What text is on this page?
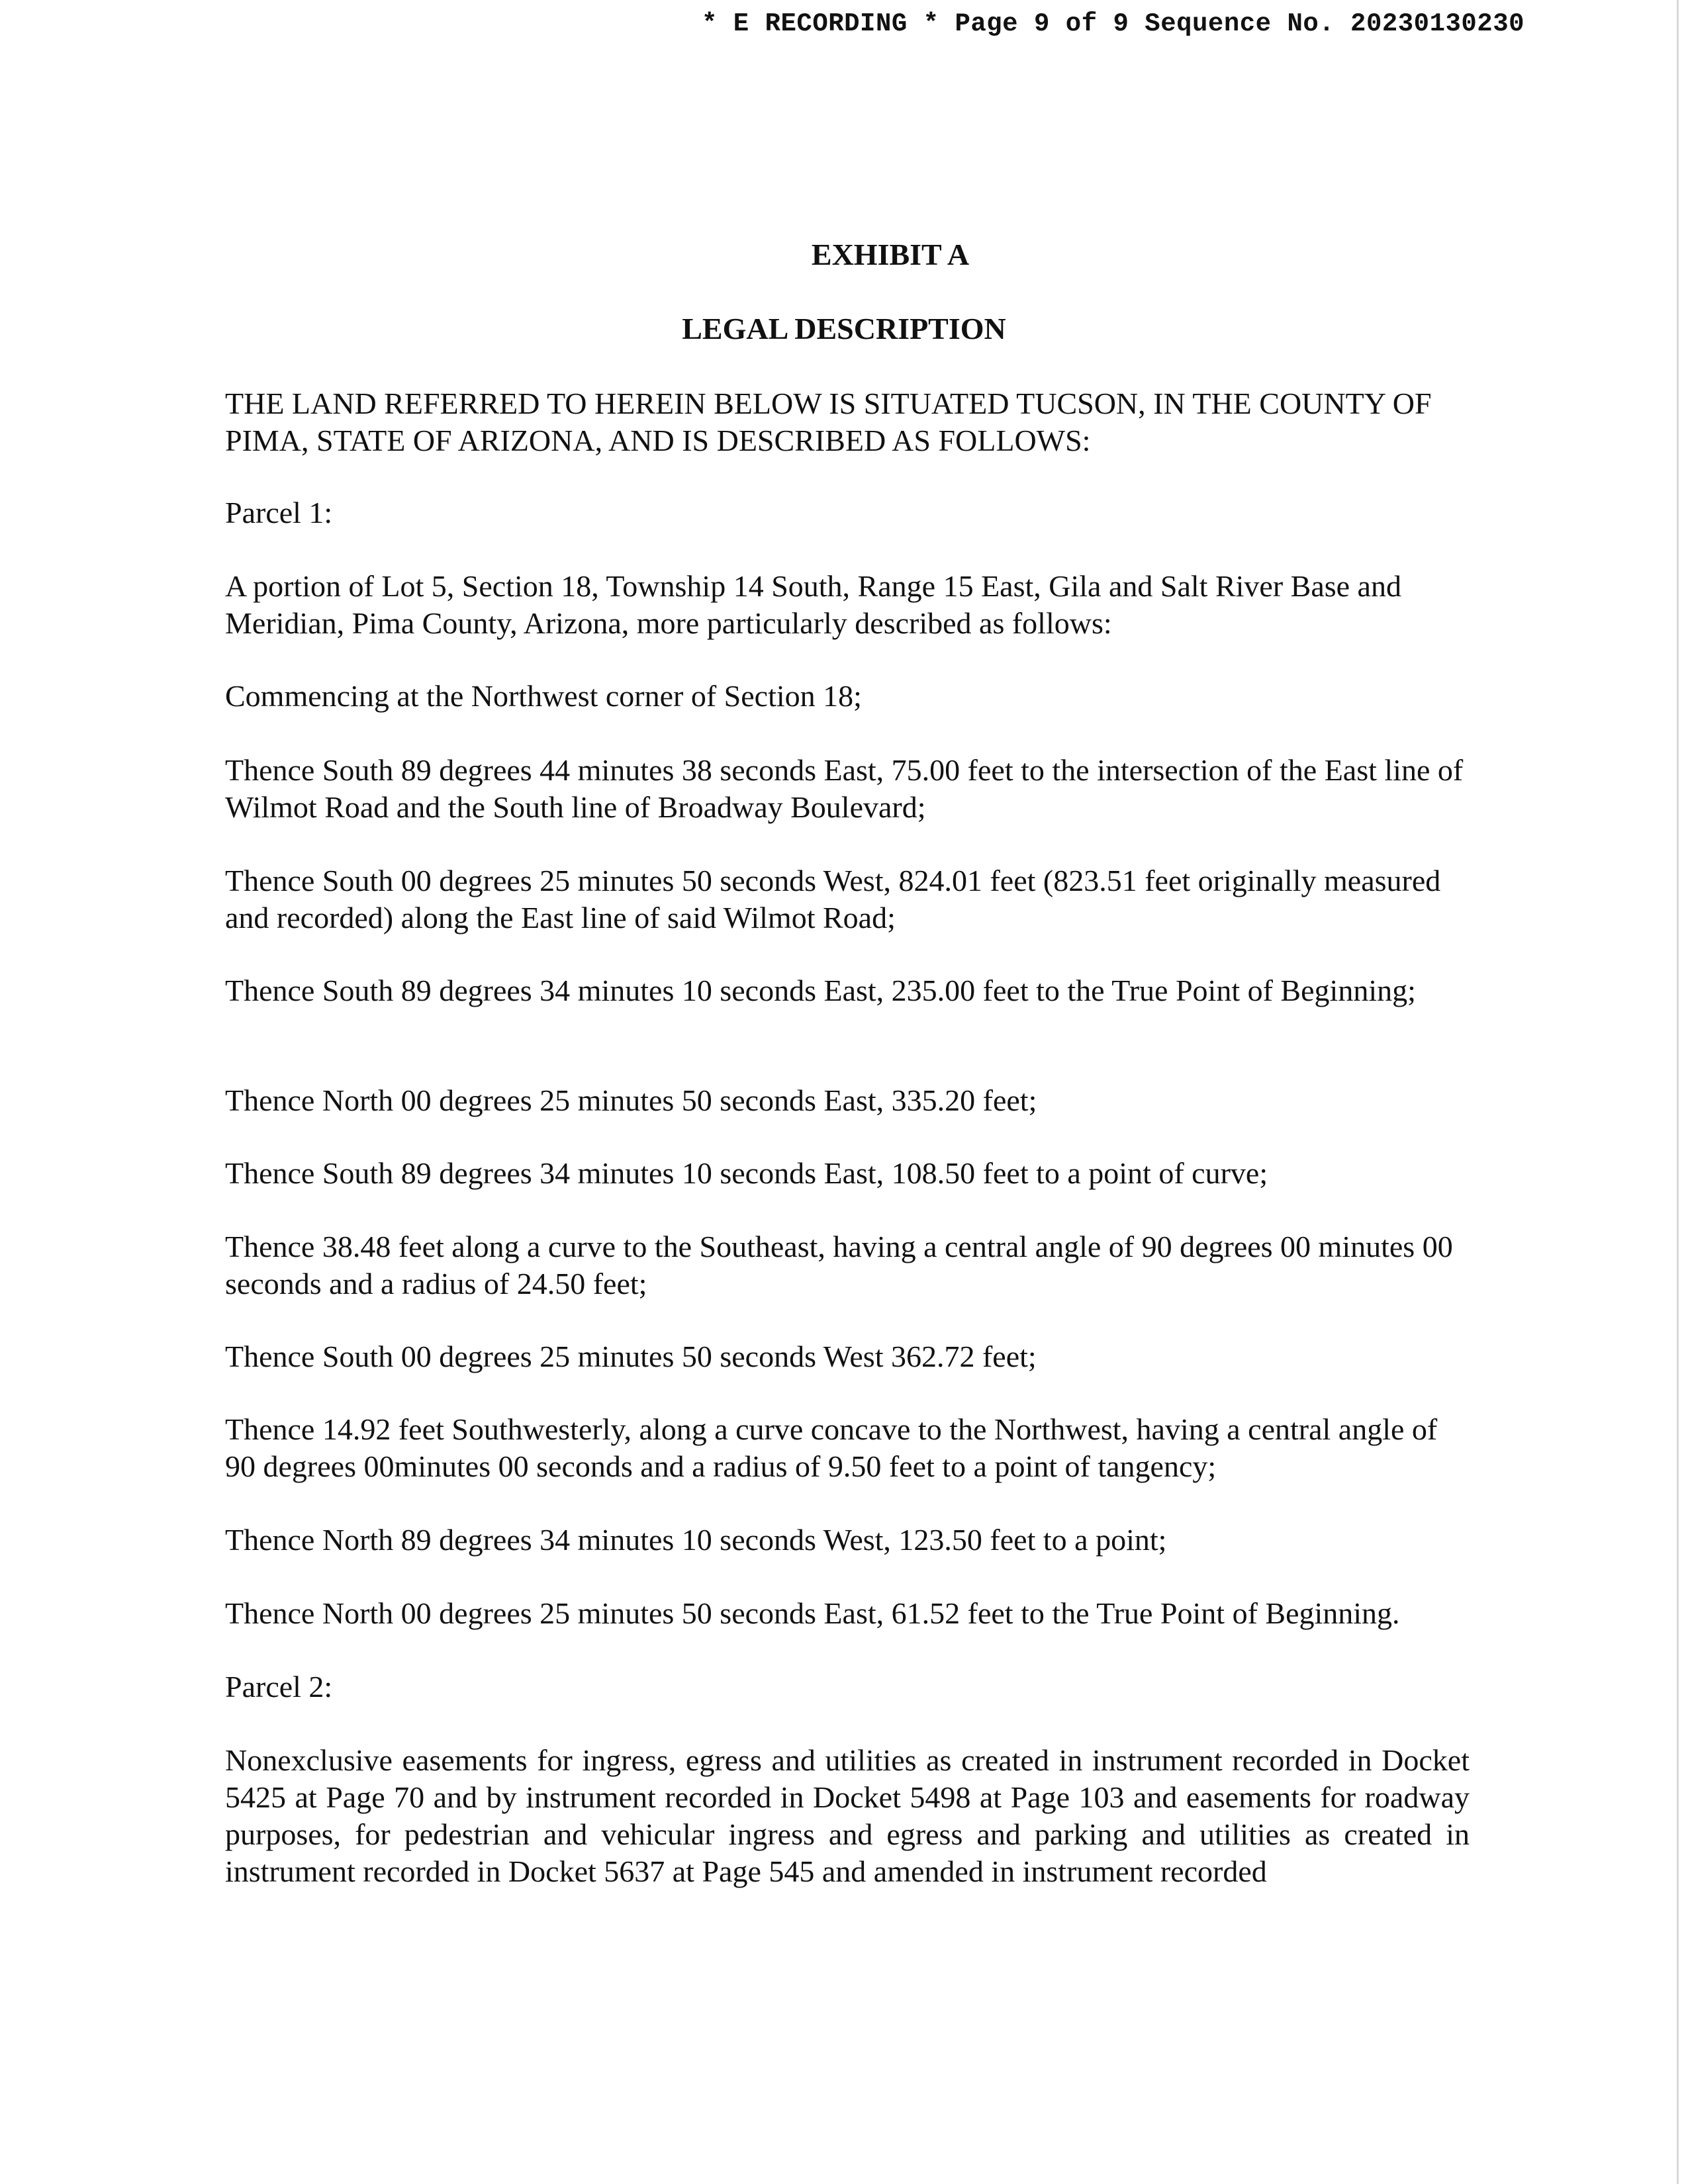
* E RECORDING * Page 9 of 9 Sequence No. 20230130230
EXHIBIT A
LEGAL DESCRIPTION

THE LAND REFERRED TO HEREIN BELOW IS SITUATED TUCSON, IN THE COUNTY OF PIMA, STATE OF ARIZONA, AND IS DESCRIBED AS FOLLOWS:

Parcel 1:

A portion of Lot 5, Section 18, Township 14 South, Range 15 East, Gila and Salt River Base and Meridian, Pima County, Arizona, more particularly described as follows:

Commencing at the Northwest corner of Section 18;

Thence South 89 degrees 44 minutes 38 seconds East, 75.00 feet to the intersection of the East line of Wilmot Road and the South line of Broadway Boulevard;

Thence South 00 degrees 25 minutes 50 seconds West, 824.01 feet (823.51 feet originally measured and recorded) along the East line of said Wilmot Road;

Thence South 89 degrees 34 minutes 10 seconds East, 235.00 feet to the True Point of Beginning;

Thence North 00 degrees 25 minutes 50 seconds East, 335.20 feet;

Thence South 89 degrees 34 minutes 10 seconds East, 108.50 feet to a point of curve;

Thence 38.48 feet along a curve to the Southeast, having a central angle of 90 degrees 00 minutes 00 seconds and a radius of 24.50 feet;

Thence South 00 degrees 25 minutes 50 seconds West 362.72 feet;

Thence 14.92 feet Southwesterly, along a curve concave to the Northwest, having a central angle of 90 degrees 00minutes 00 seconds and a radius of 9.50 feet to a point of tangency;

Thence North 89 degrees 34 minutes 10 seconds West, 123.50 feet to a point;

Thence North 00 degrees 25 minutes 50 seconds East, 61.52 feet to the True Point of Beginning.

Parcel 2:

Nonexclusive easements for ingress, egress and utilities as created in instrument recorded in Docket 5425 at Page 70 and by instrument recorded in Docket 5498 at Page 103 and easements for roadway purposes, for pedestrian and vehicular ingress and egress and parking and utilities as created in instrument recorded in Docket 5637 at Page 545 and amended in instrument recorded
